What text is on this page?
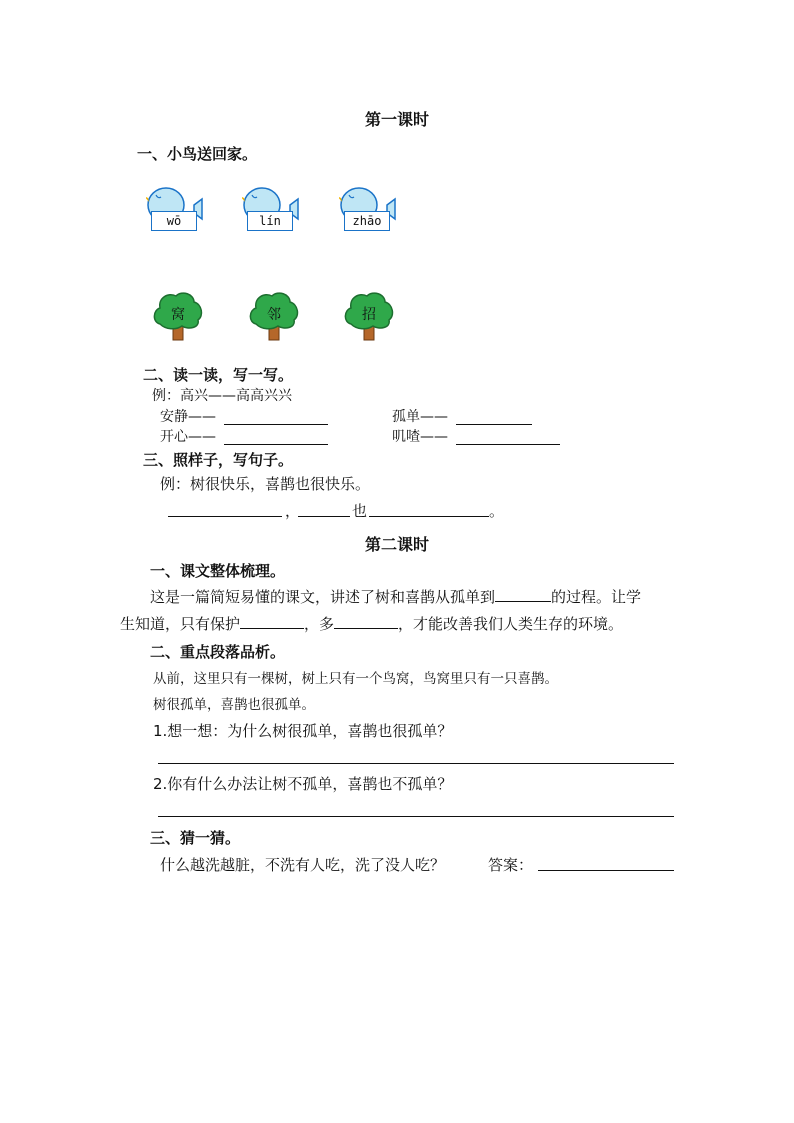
第一课时
一、小鸟送回家。
wō	lín	zhāo
窝	邻	招
二、读一读，写一写。
例：高兴——高高兴兴
安静——	孤单——
开心——	叽喳——
三、照样子，写句子。
例：树很快乐，喜鹊也很快乐。
，	也	。
第二课时
一、课文整体梳理。
这是一篇简短易懂的课文，讲述了树和喜鹊从孤单到	的过程。让学
生知道，只有保护	，多	，才能改善我们人类生存的环境。
二、重点段落品析。
从前，这里只有一棵树，树上只有一个鸟窝，鸟窝里只有一只喜鹊。
树很孤单，喜鹊也很孤单。
1.想一想：为什么树很孤单，喜鹊也很孤单？
2.你有什么办法让树不孤单，喜鹊也不孤单？
三、猜一猜。
什么越洗越脏，不洗有人吃，洗了没人吃？	答案：
